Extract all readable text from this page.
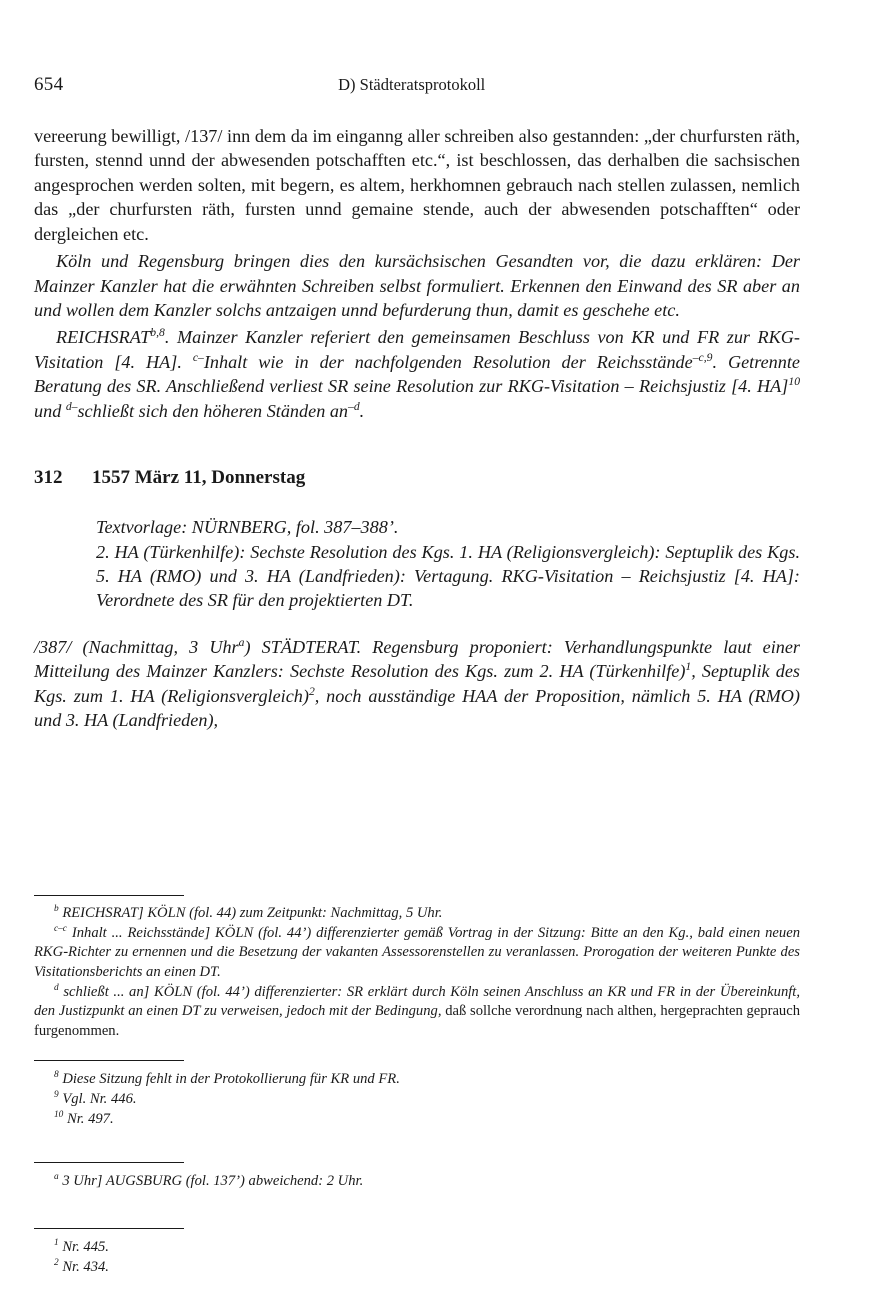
654	D) Städteratsprotokoll

vereerung bewilligt, /137/ inn dem da im einganng aller schreiben also gestannden: „der churfursten räth, fursten, stennd unnd der abwesenden potschafften etc.“, ist beschlossen, das derhalben die sachsischen angesprochen werden solten, mit begern, es altem, herkhomnen gebrauch nach stellen zulassen, nemlich das „der churfursten räth, fursten unnd gemaine stende, auch der abwesenden potschafften“ oder dergleichen etc.

Köln und Regensburg bringen dies den kursächsischen Gesandten vor, die dazu erklären: Der Mainzer Kanzler hat die erwähnten Schreiben selbst formuliert. Erkennen den Einwand des SR aber an und wollen dem Kanzler solchs antzaigen unnd befurderung thun, damit es geschehe etc.

REICHSRAT$^{b,8}$. Mainzer Kanzler referiert den gemeinsamen Beschluss von KR und FR zur RKG-Visitation [4. HA]. $^{c-}$Inhalt wie in der nachfolgenden Resolution der Reichsstände$^{-c,9}$. Getrennte Beratung des SR. Anschließend verliest SR seine Resolution zur RKG-Visitation – Reichsjustiz [4. HA]$^{10}$ und $^{d-}$schließt sich den höheren Ständen $an^{-d}$.

312	1557 März 11, Donnerstag

Textvorlage: NÜRNBERG, fol. 387–388’.

2. HA (Türkenhilfe): Sechste Resolution des Kgs. 1. HA (Religionsvergleich): Septuplik des Kgs. 5. HA (RMO) und 3. HA (Landfrieden): Vertagung. RKG-Visitation – Reichsjustiz [4. HA]: Verordnete des SR für den projektierten DT.

/387/ (Nachmittag, 3 Uhr$^a$) STÄDTERAT. Regensburg proponiert: Verhandlungspunkte laut einer Mitteilung des Mainzer Kanzlers: Sechste Resolution des Kgs. zum 2. HA (Türkenhilfe)$^1$, Septuplik des Kgs. zum 1. HA (Religionsvergleich)$^2$, noch ausständige HAA der Proposition, nämlich 5. HA (RMO) und 3. HA (Landfrieden),

$^b$ REICHSRAT] KÖLN (fol. 44) zum Zeitpunkt: Nachmittag, 5 Uhr.

$^{c-c}$ Inhalt ... Reichsstände] KÖLN (fol. 44’) differenzierter gemäß Vortrag in der Sitzung: Bitte an den Kg., bald einen neuen RKG-Richter zu ernennen und die Besetzung der vakanten Assessorenstellen zu veranlassen. Prorogation der weiteren Punkte des Visitationsberichts an einen DT.

$^d$ schließt ... an] KÖLN (fol. 44’) differenzierter: SR erklärt durch Köln seinen Anschluss an KR und FR in der Übereinkunft, den Justizpunkt an einen DT zu verweisen, jedoch mit der Bedingung, daß sollche verordnung nach althen, hergeprachten geprauch furgenommen.

$^8$ Diese Sitzung fehlt in der Protokollierung für KR und FR.

$^9$ Vgl. Nr. 446.

$^{10}$ Nr. 497.

$^a$ 3 Uhr] AUGSBURG (fol. 137’) abweichend: 2 Uhr.

$^1$ Nr. 445.

$^2$ Nr. 434.
